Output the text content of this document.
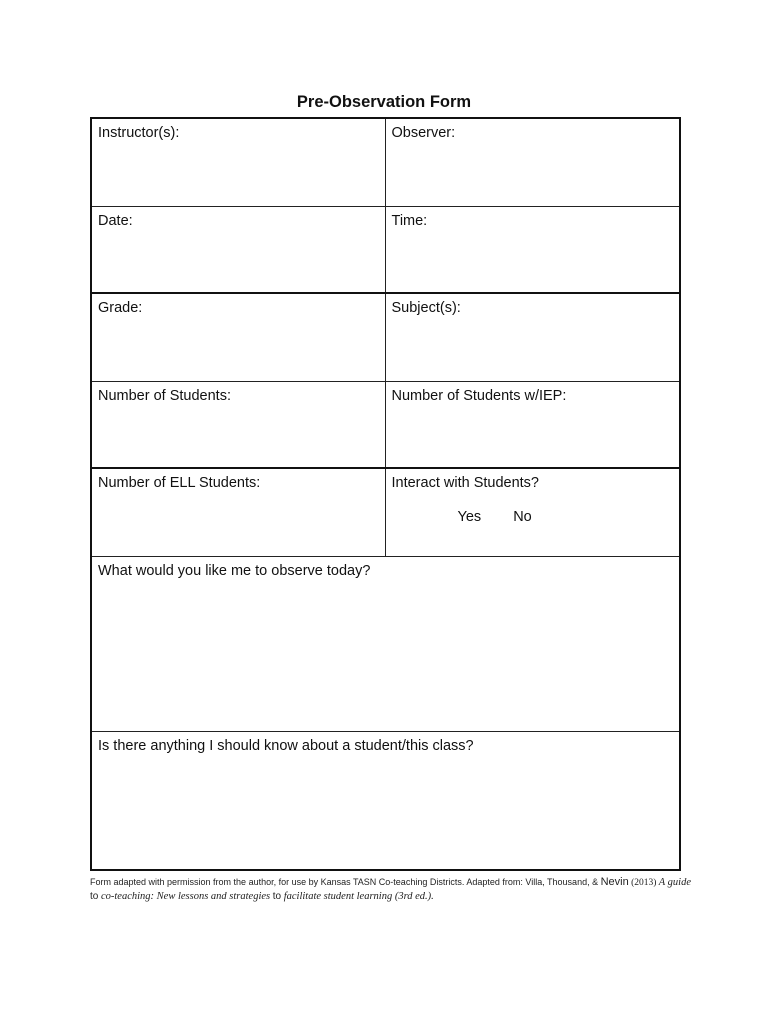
Pre-Observation Form
Instructor(s):	Observer:
Date:	Time:
Grade:	Subject(s):
Number of Students:	Number of Students w/IEP:
Number of ELL Students:	Interact with Students?
Yes No

What would you like me to observe today?	
Is there anything I should know about a student/this class?	
Form adapted with permission from the author, for use by Kansas TASN Co-teaching Districts. Adapted from: Villa, Thousand, & Nevin (2013) A guide
to co-teaching: New lessons and strategies to facilitate student learning (3rd ed.).
